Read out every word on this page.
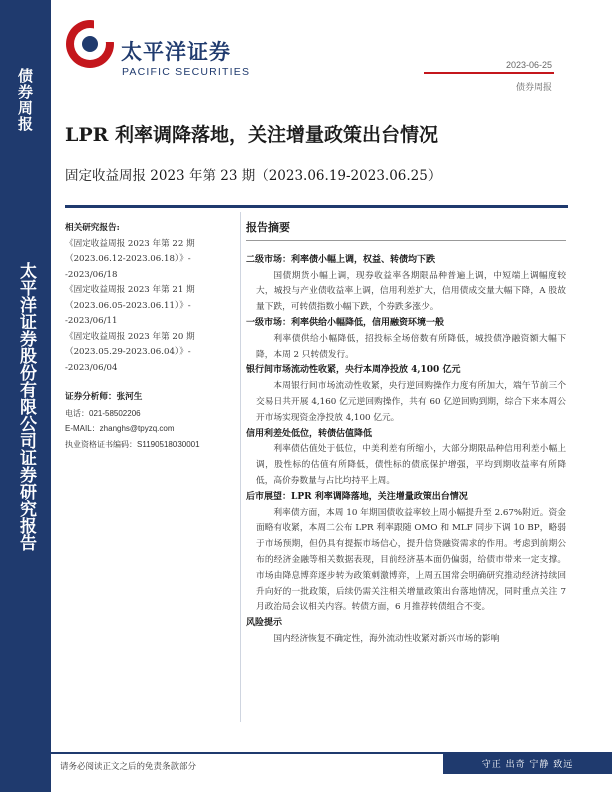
债券周报
太平洋证券股份有限公司证券研究报告
太平洋证券
PACIFIC SECURITIES
2023-06-25
债券周报
LPR 利率调降落地，关注增量政策出台情况
固定收益周报 2023 年第 23 期（2023.06.19-2023.06.25）
相关研究报告:
《固定收益周报 2023 年第 22 期（2023.06.12-2023.06.18）》--2023/06/18
《固定收益周报 2023 年第 21 期（2023.06.05-2023.06.11）》--2023/06/11
《固定收益周报 2023 年第 20 期（2023.05.29-2023.06.04）》--2023/06/04
证券分析师：张河生
电话：021-58502206
E-MAIL：zhanghs@tpyzq.com
执业资格证书编码：S1190518030001
报告摘要
二级市场：利率债小幅上调，权益、转债均下跌
国债期货小幅上调，现券收益率各期限品种普遍上调，中短端上调幅度较大，城投与产业债收益率上调，信用利差扩大，信用债成交量大幅下降，A 股故量下跌，可转债指数小幅下跌，个券跌多涨少。
一级市场：利率供给小幅降低，信用融资环境一般
利率债供给小幅降低，招投标全场倍数有所降低，城投债净融资额大幅下降，本周 2 只转债发行。
银行间市场流动性收紧，央行本周净投放 4,100 亿元
本周银行间市场流动性收紧，央行逆回购操作力度有所加大，端午节前三个交易日共开展 4,160 亿元逆回购操作，共有 60 亿逆回购到期，综合下来本周公开市场实现资金净投放 4,100 亿元。
信用利差处低位，转债估值降低
利率债估值处于低位，中美利差有所缩小，大部分期限品种信用利差小幅上调，股性标的估值有所降低，债性标的债底保护增强，平均到期收益率有所降低，高价券数量与占比均持平上周。
后市展望：LPR 利率调降落地，关注增量政策出台情况
利率债方面，本周 10 年期国债收益率较上周小幅提升至 2.67%附近。资金面略有收紧，本周二公布 LPR 利率跟随 OMO 和 MLF 同步下调 10 BP，略弱于市场预期，但仍具有提振市场信心，提升信贷融资需求的作用。考虑到前期公布的经济金融等相关数据表现，目前经济基本面仍偏弱，给债市带来一定支撑。市场由降息博弈逐步转为政策刺激博弈，上周五国常会明确研究推动经济持续回升向好的一批政策，后续仍需关注相关增量政策出台落地情况，同时重点关注 7 月政治局会议相关内容。转债方面，6 月推荐转债组合不变。
风险提示
国内经济恢复不确定性，海外流动性收紧对新兴市场的影响
请务必阅读正文之后的免责条款部分	守正 出奇 宁静 致远
